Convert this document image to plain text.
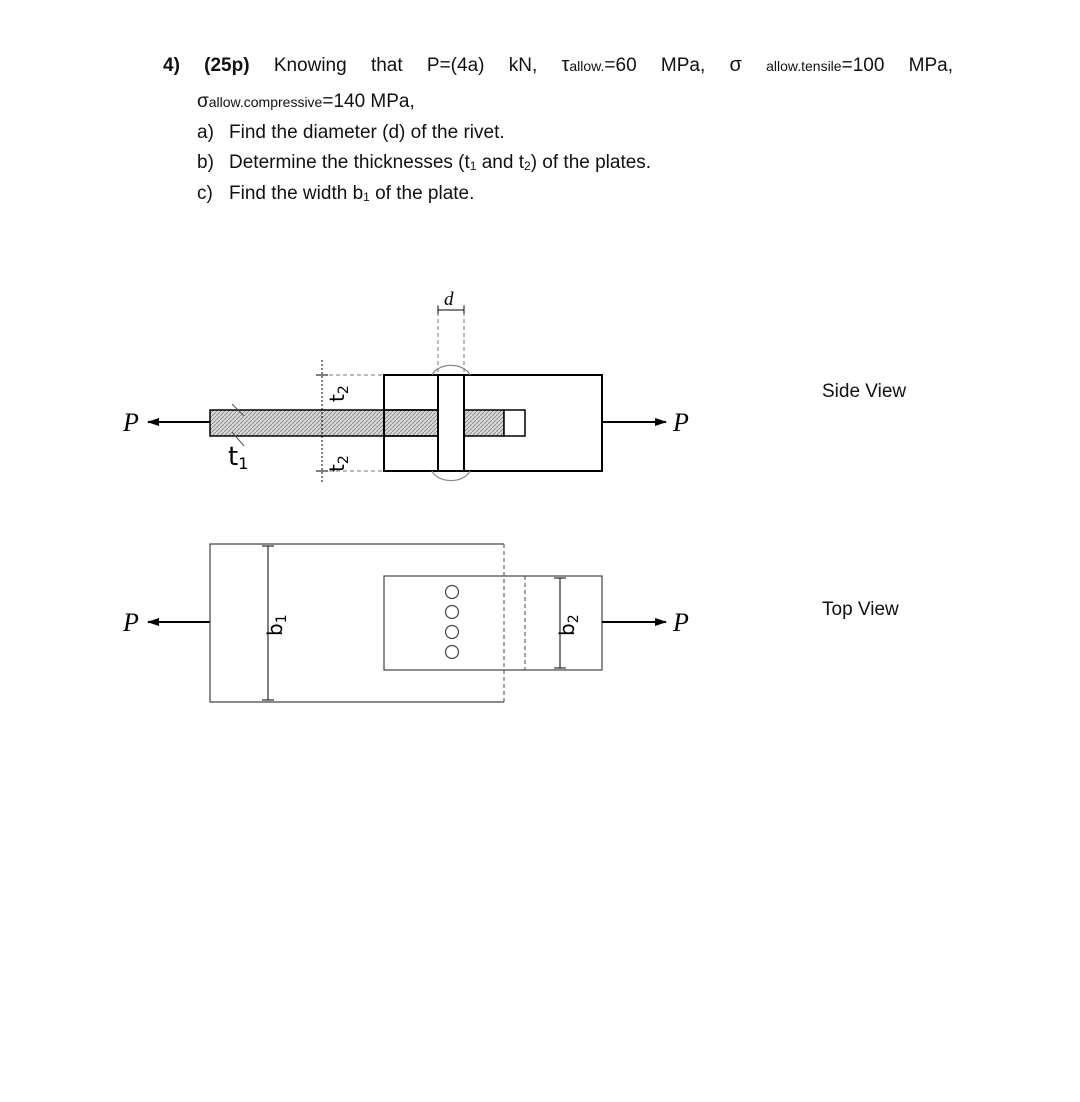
4) (25p) Knowing that P=(4a) kN, τallow.=60 MPa, σ allow.tensile=100 MPa,
σallow.compressive=140 MPa,
a) Find the diameter (d) of the rivet.
b) Determine the thicknesses (t1 and t2) of the plates.
c) Find the width b1 of the plate.
Side View
Top View
P
d
$t_2$
$t_2$
t1
P
P	$b_1$
$b_2$	P
